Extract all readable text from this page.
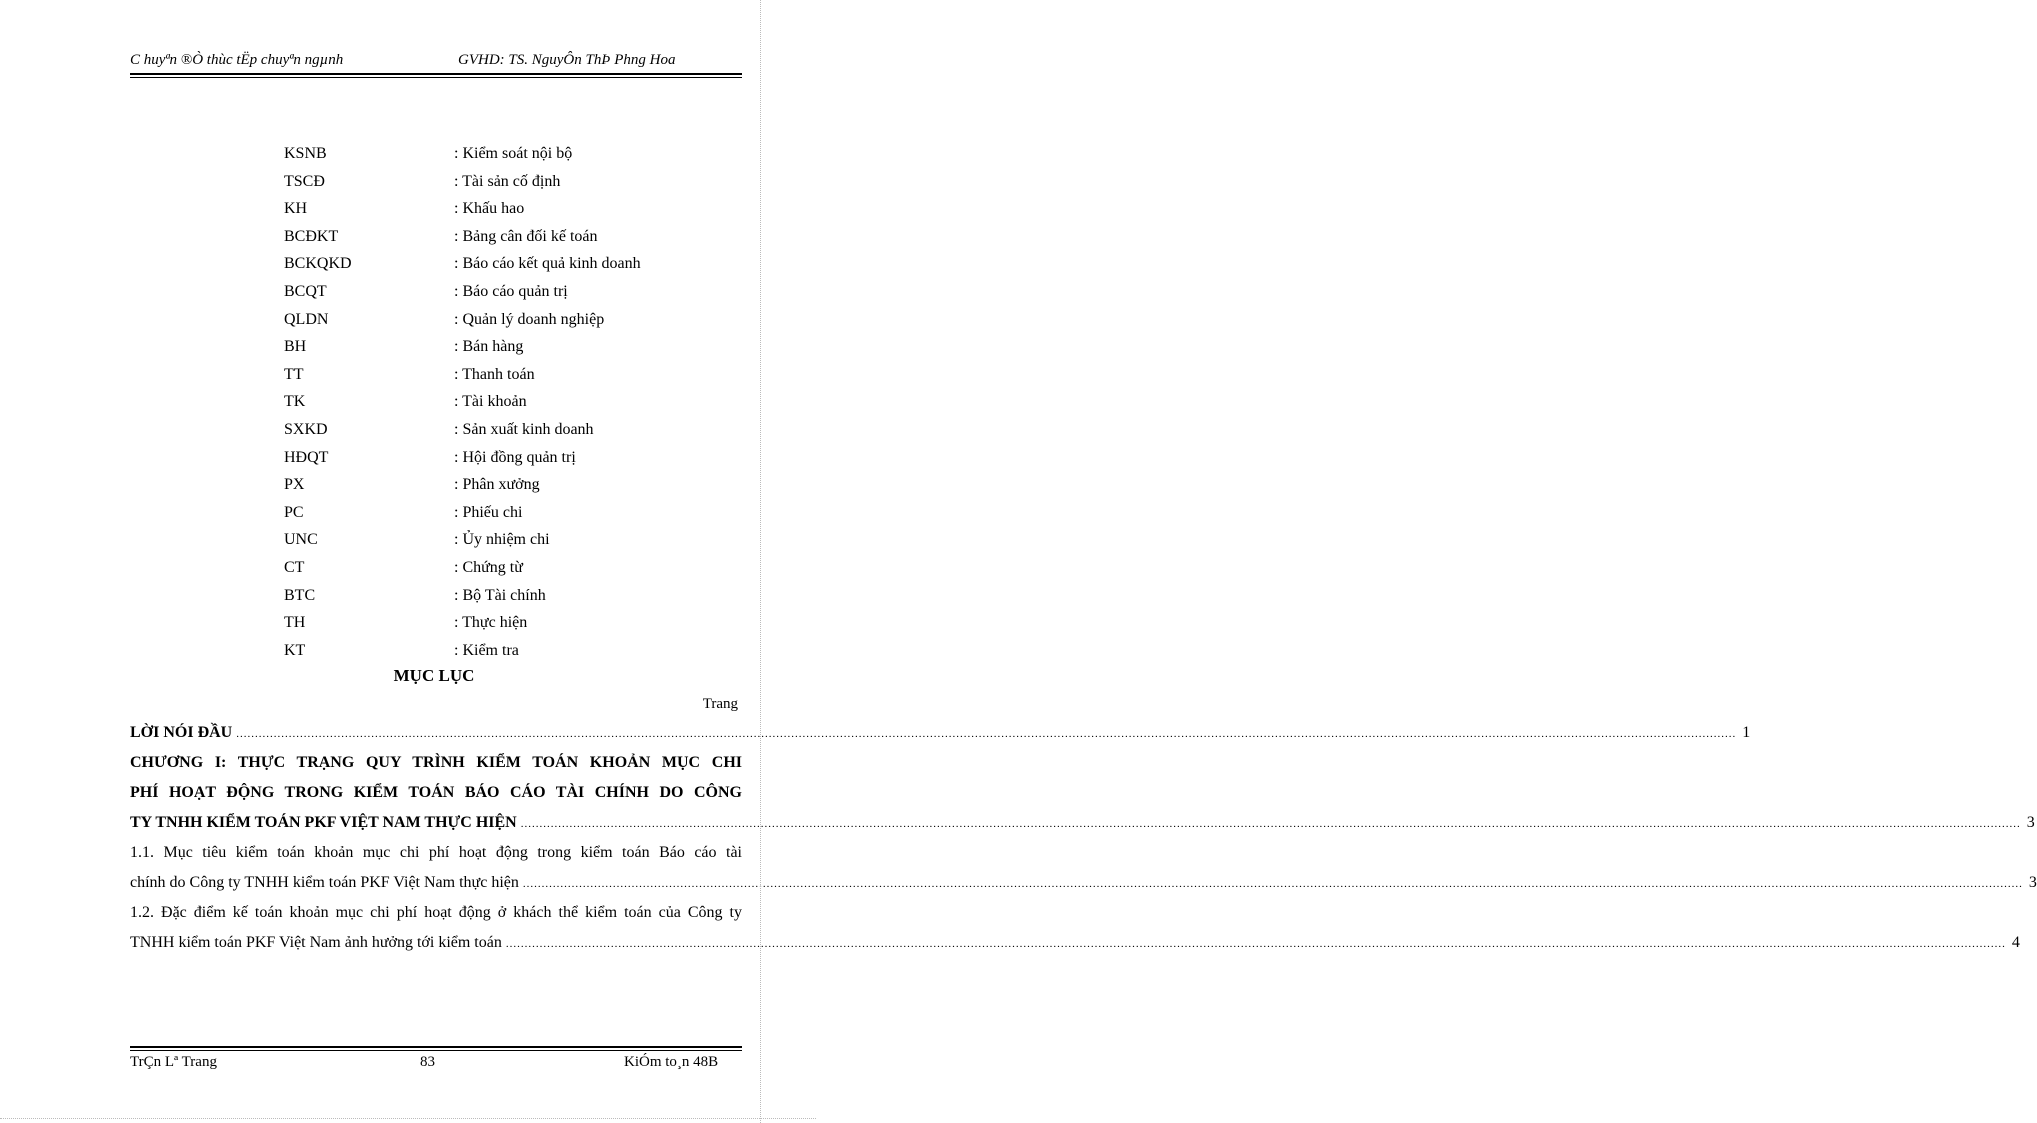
C huyªn ®Ò thùc tËp chuyªn ngµnh	GVHD: TS. NguyÔn ThÞ Phng Hoa
KSNB	: Kiểm soát nội bộ
TSCĐ	: Tài sản cố định
KH	: Khấu hao
BCĐKT	: Bảng cân đối kế toán
BCKQKD	: Báo cáo kết quả kinh doanh
BCQT	: Báo cáo quản trị
QLDN	: Quản lý doanh nghiệp
BH	: Bán hàng
TT	: Thanh toán
TK	: Tài khoản
SXKD	: Sản xuất kinh doanh
HĐQT	: Hội đồng quản trị
PX	: Phân xưởng
PC	: Phiếu chi
UNC	: Ủy nhiệm chi
CT	: Chứng từ
BTC	: Bộ Tài chính
TH	: Thực hiện
KT	: Kiểm tra
MỤC LỤC
Trang
LỜI NÓI ĐẦU ................................................................................................................................................................................................................................................................................................................................................................................................................ 1
CHƯƠNG I: THỰC TRẠNG QUY TRÌNH KIỂM TOÁN KHOẢN MỤC CHI
PHÍ HOẠT ĐỘNG TRONG KIỂM TOÁN BÁO CÁO TÀI CHÍNH DO CÔNG
TY TNHH KIỂM TOÁN PKF VIỆT NAM THỰC HIỆN ................................................................................................................................................................................................................................................................................................................................................................................................................ 3
1.1. Mục tiêu kiểm toán khoản mục chi phí hoạt động trong kiểm toán Báo cáo tài
chính do Công ty TNHH kiểm toán PKF Việt Nam thực hiện ................................................................................................................................................................................................................................................................................................................................................................................................................ 3
1.2. Đặc điểm kế toán khoản mục chi phí hoạt động ở khách thể kiểm toán của Công ty
TNHH kiểm toán PKF Việt Nam ảnh hưởng tới kiểm toán ................................................................................................................................................................................................................................................................................................................................................................................................................ 4
TrÇn Lª Trang	83	KiÓm to¸n 48B
